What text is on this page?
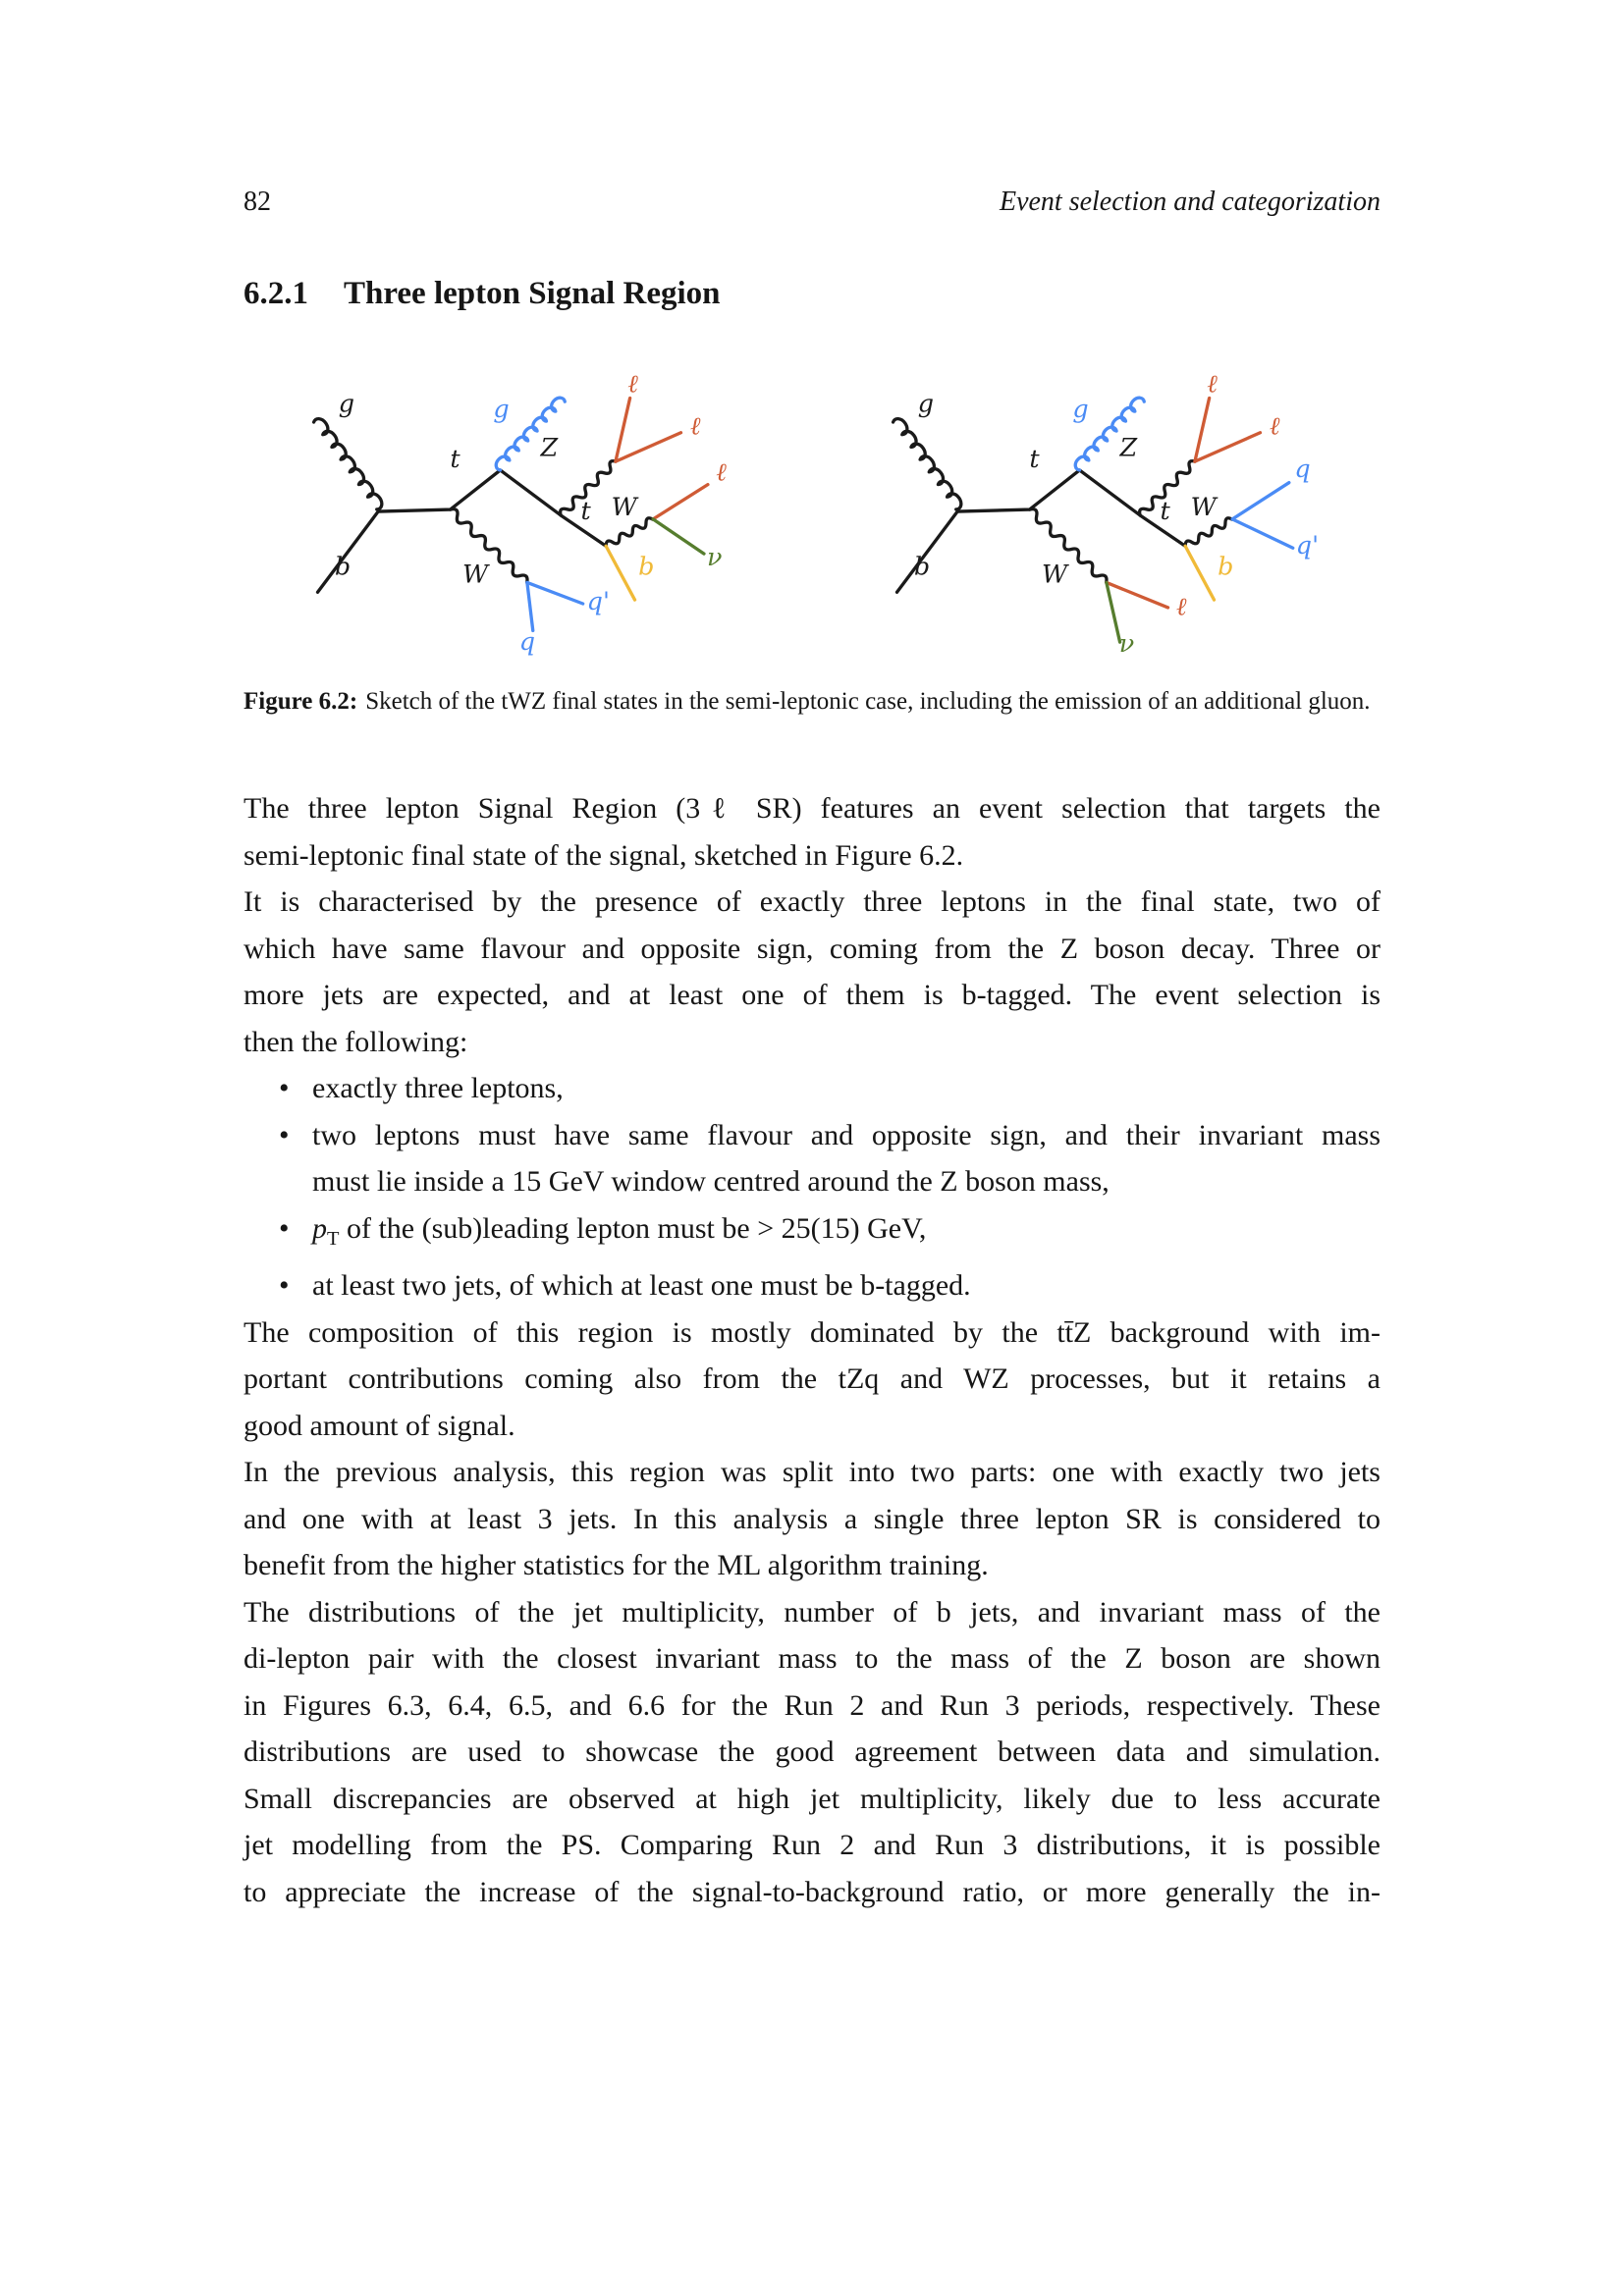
82	Event selection and categorization
6.2.1 Three lepton Signal Region
g
b
t
g
Z
ℓ
ℓ
t W
ℓ
ν
b
W
q'
q
g
b
t
g
Z
ℓ
ℓ
t W
q
q'
b
W
ℓ
ν
Figure 6.2: Sketch of the tWZ final states in the semi-leptonic case, including the emission of an additional gluon.
The three lepton Signal Region (3ℓ SR) features an event selection that targets the
semi-leptonic final state of the signal, sketched in Figure 6.2.
It is characterised by the presence of exactly three leptons in the final state, two of
which have same flavour and opposite sign, coming from the Z boson decay. Three or
more jets are expected, and at least one of them is b-tagged. The event selection is
then the following:
• exactly three leptons,
• two leptons must have same flavour and opposite sign, and their invariant mass
must lie inside a 15 GeV window centred around the Z boson mass,
• $p_T$ of the (sub)leading lepton must be > 25(15) GeV,
• at least two jets, of which at least one must be b-tagged.
The composition of this region is mostly dominated by the tt̄Z background with im-
portant contributions coming also from the tZq and WZ processes, but it retains a
good amount of signal.
In the previous analysis, this region was split into two parts: one with exactly two jets
and one with at least 3 jets. In this analysis a single three lepton SR is considered to
benefit from the higher statistics for the ML algorithm training.
The distributions of the jet multiplicity, number of b jets, and invariant mass of the
di-lepton pair with the closest invariant mass to the mass of the Z boson are shown
in Figures 6.3, 6.4, 6.5, and 6.6 for the Run 2 and Run 3 periods, respectively. These
distributions are used to showcase the good agreement between data and simulation.
Small discrepancies are observed at high jet multiplicity, likely due to less accurate
jet modelling from the PS. Comparing Run 2 and Run 3 distributions, it is possible
to appreciate the increase of the signal-to-background ratio, or more generally the in-
